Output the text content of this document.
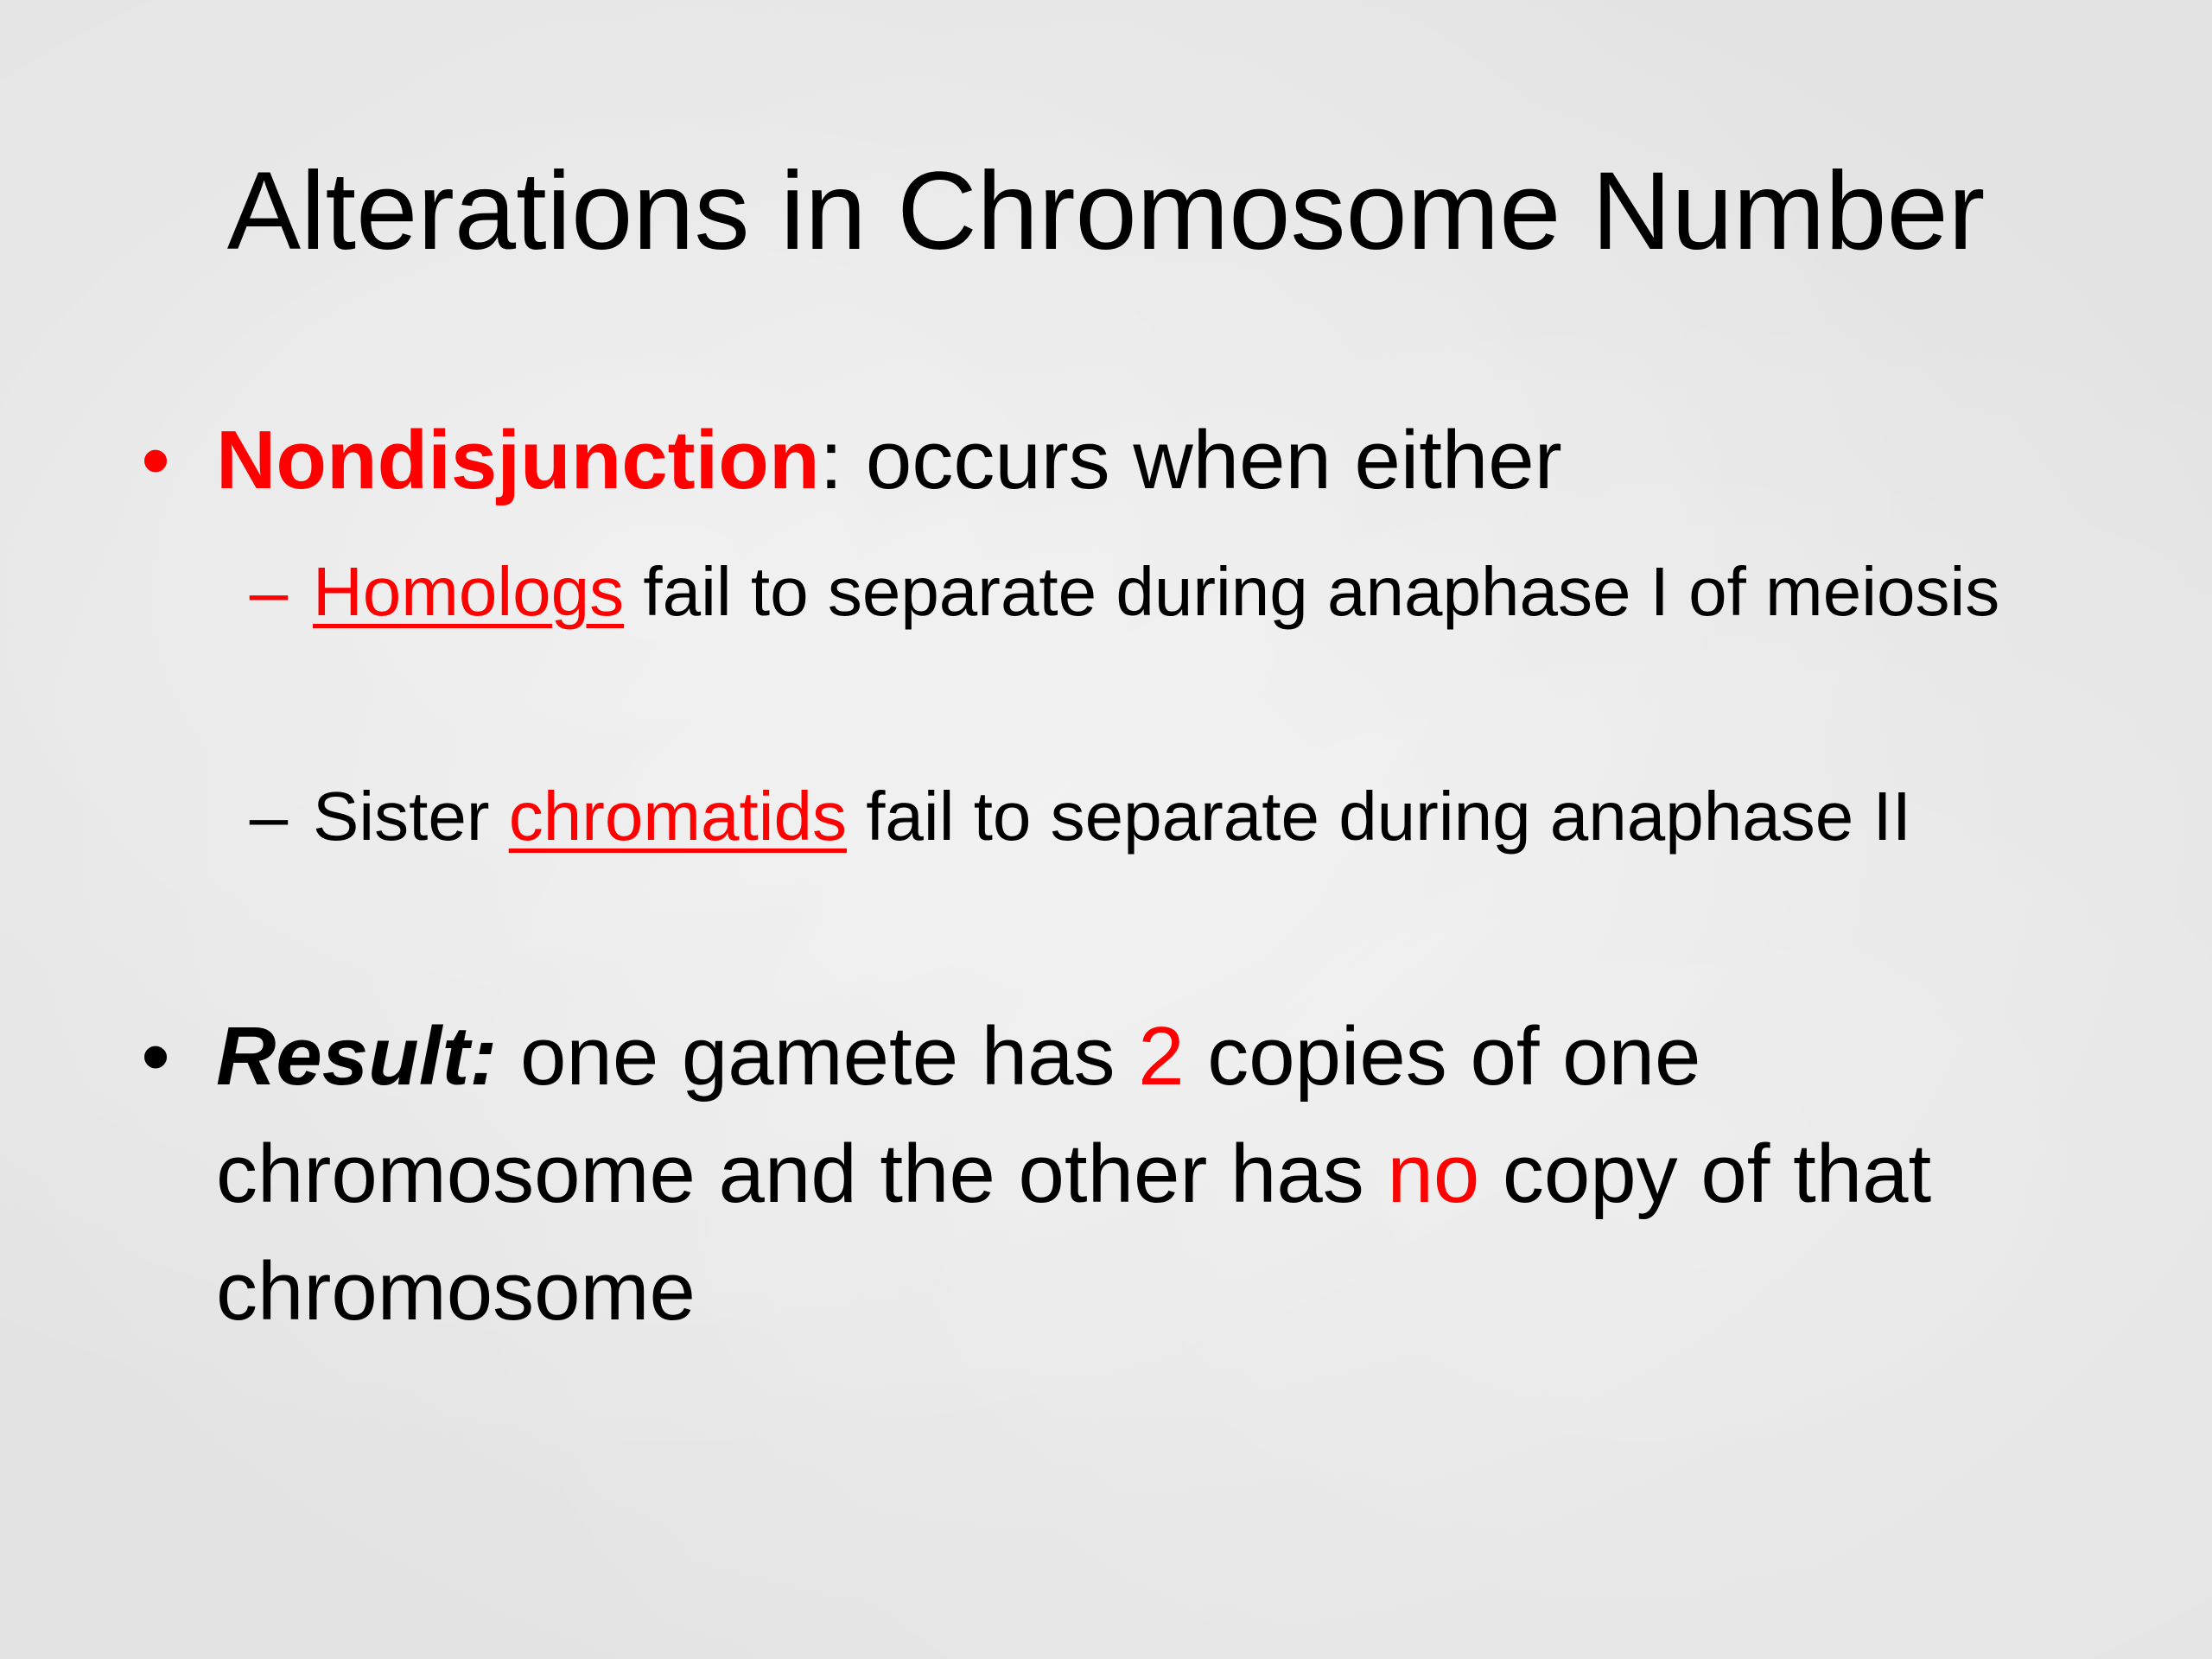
Alterations in Chromosome Number
• Nondisjunction: occurs when either
– Homologs fail to separate during anaphase I of meiosis
– Sister chromatids fail to separate during anaphase II
• Result: one gamete has 2 copies of one chromosome and the other has no copy of that chromosome
